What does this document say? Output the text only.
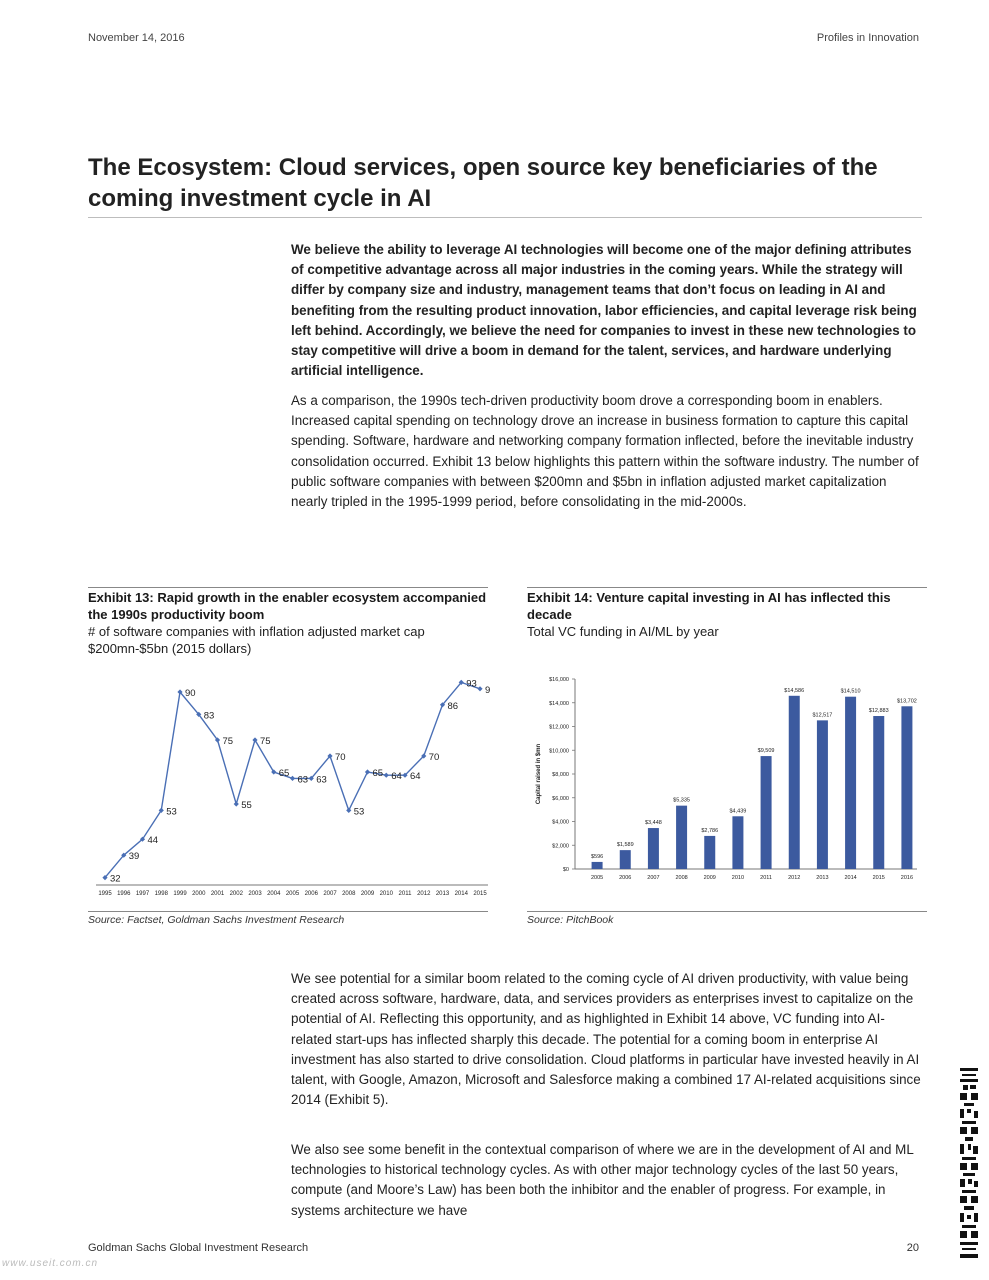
November 14, 2016	Profiles in Innovation
The Ecosystem: Cloud services, open source key beneficiaries of the coming investment cycle in AI

We believe the ability to leverage AI technologies will become one of the major defining attributes of competitive advantage across all major industries in the coming years. While the strategy will differ by company size and industry, management teams that don’t focus on leading in AI and benefiting from the resulting product innovation, labor efficiencies, and capital leverage risk being left behind. Accordingly, we believe the need for companies to invest in these new technologies to stay competitive will drive a boom in demand for the talent, services, and hardware underlying artificial intelligence.

As a comparison, the 1990s tech-driven productivity boom drove a corresponding boom in enablers. Increased capital spending on technology drove an increase in business formation to capture this capital spending. Software, hardware and networking company formation inflected, before the inevitable industry consolidation occurred. Exhibit 13 below highlights this pattern within the software industry. The number of public software companies with between $200mn and $5bn in inflation adjusted market capitalization nearly tripled in the 1995-1999 period, before consolidating in the mid-2000s.

Exhibit 13: Rapid growth in the enabler ecosystem accompanied the 1990s productivity boom
# of software companies with inflation adjusted market cap $200mn-$5bn (2015 dollars)
1995 1996 1997 1998 1999 2000 2001 2002 2003 2004 2005 2006 2007 2008 2009 2010 2011 2012 2013 2014 2015
32
39
44
53
90
83
75
55
75
65
63 63
70
53
65 64 64
70
86
93
9
Source: Factset, Goldman Sachs Investment Research
Exhibit 14: Venture capital investing in AI has inflected this decade
Total VC funding in AI/ML by year
$0
$2,000
$4,000
$6,000
$8,000
$10,000
$12,000
$14,000
$16,000
Capital raised in $mn
$596
2005
$1,589
2006
$3,448
2007
$5,335
2008
$2,786
2009
$4,439
2010
$9,509
2011
$14,586
2012
$12,517
2013
$14,510
2014
$12,883
2015
$13,702
2016
Source: PitchBook

We see potential for a similar boom related to the coming cycle of AI driven productivity, with value being created across software, hardware, data, and services providers as enterprises invest to capitalize on the potential of AI. Reflecting this opportunity, and as highlighted in Exhibit 14 above, VC funding into AI-related start-ups has inflected sharply this decade. The potential for a coming boom in enterprise AI investment has also started to drive consolidation. Cloud platforms in particular have invested heavily in AI talent, with Google, Amazon, Microsoft and Salesforce making a combined 17 AI-related acquisitions since 2014 (Exhibit 5).

We also see some benefit in the contextual comparison of where we are in the development of AI and ML technologies to historical technology cycles. As with other major technology cycles of the last 50 years, compute (and Moore’s Law) has been both the inhibitor and the enabler of progress. For example, in systems architecture we have

Goldman Sachs Global Investment Research	20
www.useit.com.cn
